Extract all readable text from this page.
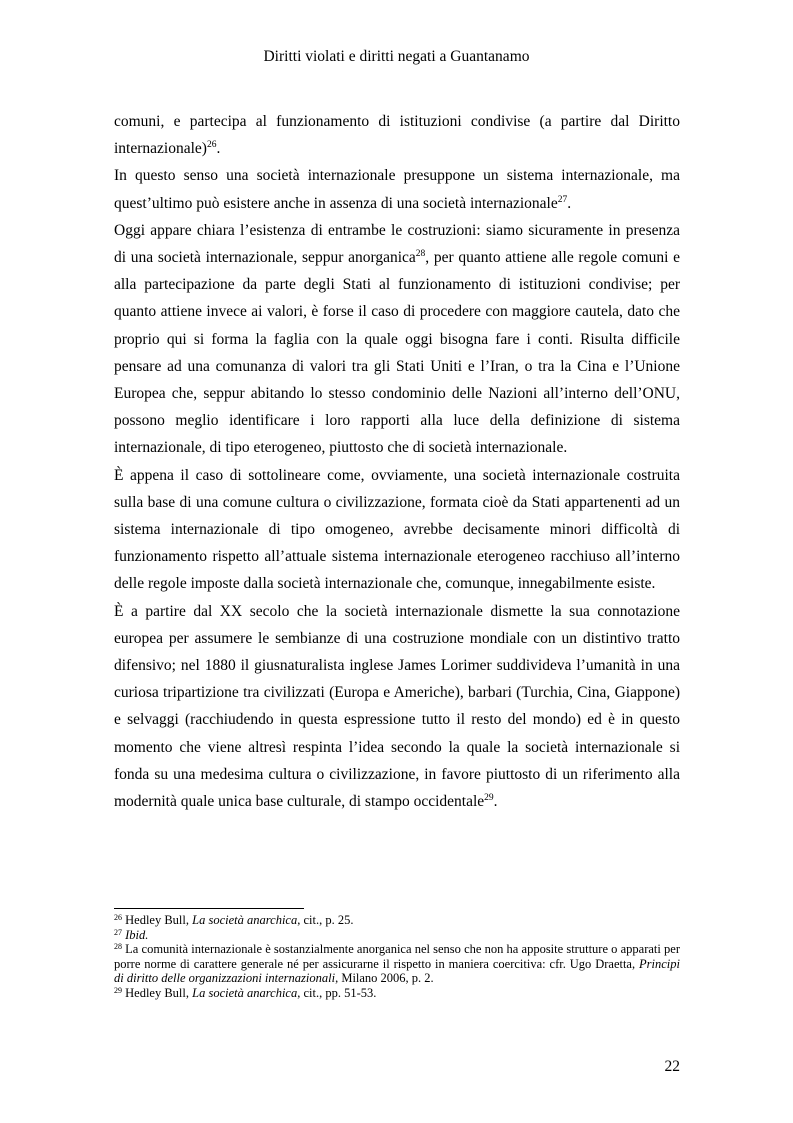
Diritti violati e diritti negati a Guantanamo

comuni, e partecipa al funzionamento di istituzioni condivise (a partire dal Diritto internazionale)$^{26}$.

In questo senso una società internazionale presuppone un sistema internazionale, ma quest’ultimo può esistere anche in assenza di una società internazionale$^{27}$.

Oggi appare chiara l’esistenza di entrambe le costruzioni: siamo sicuramente in presenza di una società internazionale, seppur anorganica$^{28}$, per quanto attiene alle regole comuni e alla partecipazione da parte degli Stati al funzionamento di istituzioni condivise; per quanto attiene invece ai valori, è forse il caso di procedere con maggiore cautela, dato che proprio qui si forma la faglia con la quale oggi bisogna fare i conti. Risulta difficile pensare ad una comunanza di valori tra gli Stati Uniti e l’Iran, o tra la Cina e l’Unione Europea che, seppur abitando lo stesso condominio delle Nazioni all’interno dell’ONU, possono meglio identificare i loro rapporti alla luce della definizione di sistema internazionale, di tipo eterogeneo, piuttosto che di società internazionale.

È appena il caso di sottolineare come, ovviamente, una società internazionale costruita sulla base di una comune cultura o civilizzazione, formata cioè da Stati appartenenti ad un sistema internazionale di tipo omogeneo, avrebbe decisamente minori difficoltà di funzionamento rispetto all’attuale sistema internazionale eterogeneo racchiuso all’interno delle regole imposte dalla società internazionale che, comunque, innegabilmente esiste.

È a partire dal XX secolo che la società internazionale dismette la sua connotazione europea per assumere le sembianze di una costruzione mondiale con un distintivo tratto difensivo; nel 1880 il giusnaturalista inglese James Lorimer suddivideva l’umanità in una curiosa tripartizione tra civilizzati (Europa e Americhe), barbari (Turchia, Cina, Giappone) e selvaggi (racchiudendo in questa espressione tutto il resto del mondo) ed è in questo momento che viene altresì respinta l’idea secondo la quale la società internazionale si fonda su una medesima cultura o civilizzazione, in favore piuttosto di un riferimento alla modernità quale unica base culturale, di stampo occidentale$^{29}$.

$^{26}$ Hedley Bull, La società anarchica, cit., p. 25.

$^{27}$ Ibid.

$^{28}$ La comunità internazionale è sostanzialmente anorganica nel senso che non ha apposite strutture o apparati per porre norme di carattere generale né per assicurarne il rispetto in maniera coercitiva: cfr. Ugo Draetta, Principi di diritto delle organizzazioni internazionali, Milano 2006, p. 2.

$^{29}$ Hedley Bull, La società anarchica, cit., pp. 51-53.

22
